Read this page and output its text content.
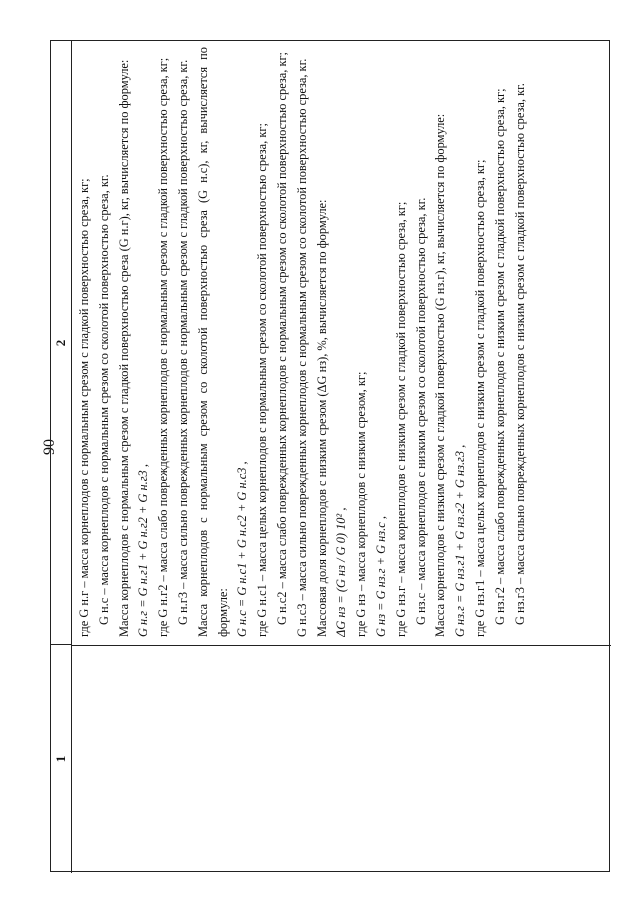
90
1
2 где G н.г – масса корнеплодов с нормальным срезом с гладкой поверхностью среза, кг; G н.с – масса корнеплодов с нормальным срезом со сколотой поверхностью среза, кг. Масса корнеплодов с нормальным срезом с гладкой поверхностью среза (G н.г), кг, вычисляется по формуле: G н.г = G н.г1 + G н.г2 + G н.г3 , где G н.г2 – масса слабо поврежденных корнеплодов с нормальным срезом с гладкой поверхностью среза, кг; G н.г3 – масса сильно поврежденных корнеплодов с нормальным срезом с гладкой поверхностью среза, кг. Масса корнеплодов с нормальным срезом со сколотой поверхностью среза (G н.с), кг, вычисляется по формуле: G н.с = G н.с1 + G н.с2 + G н.с3 , где G н.с1 – масса целых корнеплодов с нормальным срезом со сколотой поверхностью среза, кг; G н.с2 – масса слабо поврежденных корнеплодов с нормальным срезом со сколотой поверхностью среза, кг; G н.с3 – масса сильно поврежденных корнеплодов с нормальным срезом со сколотой поверхностью среза, кг. Массовая доля корнеплодов с низким срезом (ΔG нз), %, вычисляется по формуле: ΔG нз = (G нз / G 0) 10² , где G нз – масса корнеплодов с низким срезом, кг; G нз = G нз.г + G нз.с , где G нз.г – масса корнеплодов с низким срезом с гладкой поверхностью среза, кг; G нз.с – масса корнеплодов с низким срезом со сколотой поверхностью среза, кг. Масса корнеплодов с низким срезом с гладкой поверхностью (G нз.г), кг, вычисляется по формуле: G нз.г = G нз.г1 + G нз.г2 + G нз.г3 , где G нз.г1 – масса целых корнеплодов с низким срезом с гладкой поверхностью среза, кг; G нз.г2 – масса слабо поврежденных корнеплодов с низким срезом с гладкой поверхностью среза, кг; G нз.г3 – масса сильно поврежденных корнеплодов с низким срезом с гладкой поверхностью среза, кг.
